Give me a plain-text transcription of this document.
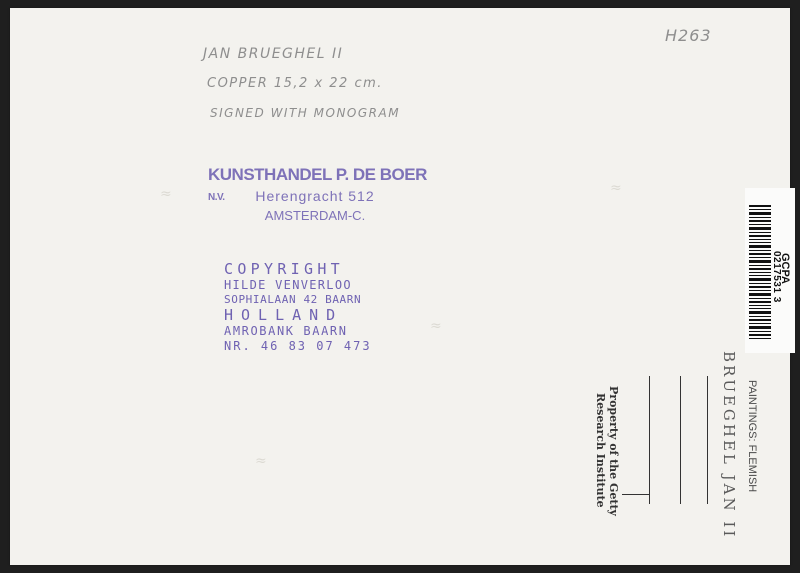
H263
JAN BRUEGHEL II
COPPER 15,2 x 22 cm.
SIGNED WITH MONOGRAM
≈	≈
≈
≈
KUNSTHANDEL P. DE BOER N.V.	Herengracht 512
AMSTERDAM-C.
COPYRIGHT
HILDE VENVERLOO
SOPHIALAAN 42 BAARN
HOLLAND
AMROBANK BAARN
NR. 46 83 07 473
GCPA
0217531 3
PAINTINGS: FLEMISH
BRUEGHEL JAN II
Property of the Getty
Research Institute
